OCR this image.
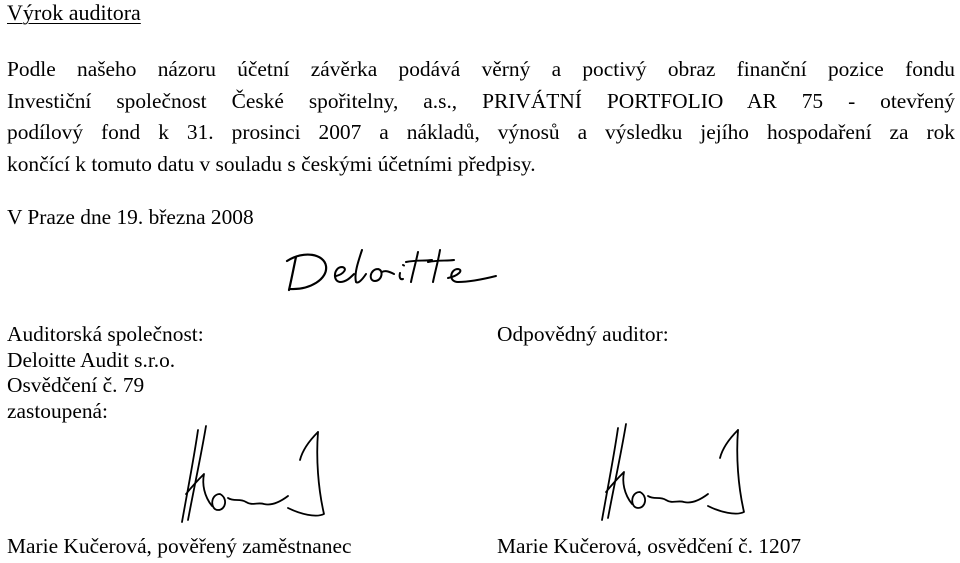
Výrok auditora
Podle našeho názoru účetní závěrka podává věrný a poctivý obraz finanční pozice fondu
Investiční společnost České spořitelny, a.s., PRIVÁTNÍ PORTFOLIO AR 75 - otevřený
podílový fond k 31. prosinci 2007 a nákladů, výnosů a výsledku jejího hospodaření za rok
končící k tomuto datu v souladu s českými účetními předpisy.
V Praze dne 19. března 2008
Auditorská společnost:
Deloitte Audit s.r.o.
Osvědčení č. 79
zastoupená:
Odpovědný auditor:
Marie Kučerová, pověřený zaměstnanec	Marie Kučerová, osvědčení č. 1207
